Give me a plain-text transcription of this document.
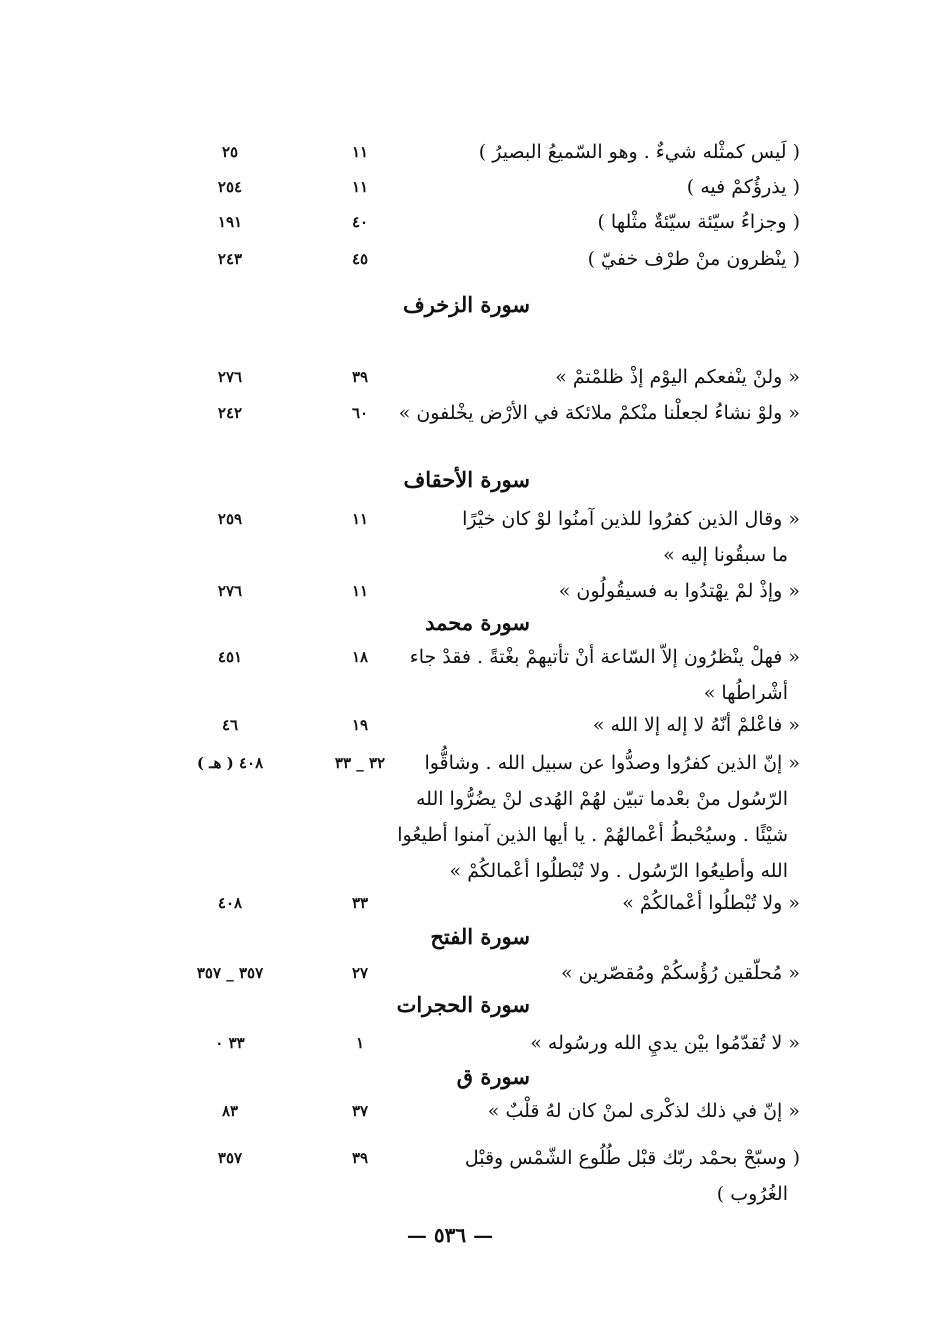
( لَيس كمثْله شيءٌ . وهو السّميعُ البصيرُ )
١١
٢٥
( يذرؤُكمْ فيه )
١١
٢٥٤
( وجزاءُ سيّئة سيّئةٌ مثْلها )
٤٠
١٩١
( ينْظرون منْ طرْف خفيّ )
٤٥
٢٤٣
سورة الزخرف
« ولنْ ينْفعكم اليوْم إذْ ظلمْتمْ »
٣٩
٢٧٦
« ولوْ نشاءُ لجعلْنا منْكمْ ملائكة في الأرْض يخْلفون »
٦٠
٢٤٢
سورة الأحقاف
« وقال الذين كفرُوا للذين آمنُوا لوْ كان خيْرًا
١١
٢٥٩
ما سبقُونا إليه »
« وإذْ لمْ يهْتدُوا به فسيقُولُون »
١١
٢٧٦
سورة محمد
« فهلْ ينْظرُون إلاّ السّاعة أنْ تأتيهمْ بغْتةً . فقدْ جاء
١٨
٤٥١
أشْراطُها »
« فاعْلمْ أنّهُ لا إله إلا الله »
١٩
٤٦
« إنّ الذين كفرُوا وصدُّوا عن سبيل الله . وشاقُّوا
٣٢ _ ٣٣
٤٠٨ ( هـ )
الرّسُول منْ بعْدما تبيّن لهُمْ الهُدى لنْ يضُرُّوا الله
شيْئًا . وسيُحْبطُ أعْمالهُمْ . يا أيها الذين آمنوا أطيعُوا
الله وأطيعُوا الرّسُول . ولا تُبْطلُوا أعْمالكُمْ »
« ولا تُبْطلُوا أعْمالكُمْ »
٣٣
٤٠٨
سورة الفتح
« مُحلّقين رُؤُسكُمْ ومُقصّرين »
٢٧
٣٥٧ _ ٣٥٧
سورة الحجرات
« لا تُقدّمُوا بيْن يديِ الله ورسُوله »
١
٣٣ ٠
سورة ق
« إنّ في ذلك لذكْرى لمنْ كان لهُ قلْبٌ »
٣٧
٨٣
( وسبّحْ بحمْد ربّك قبْل طُلُوع الشّمْس وقبْل
٣٩
٣٥٧
الغُرُوب )
— ٥٣٦ —
